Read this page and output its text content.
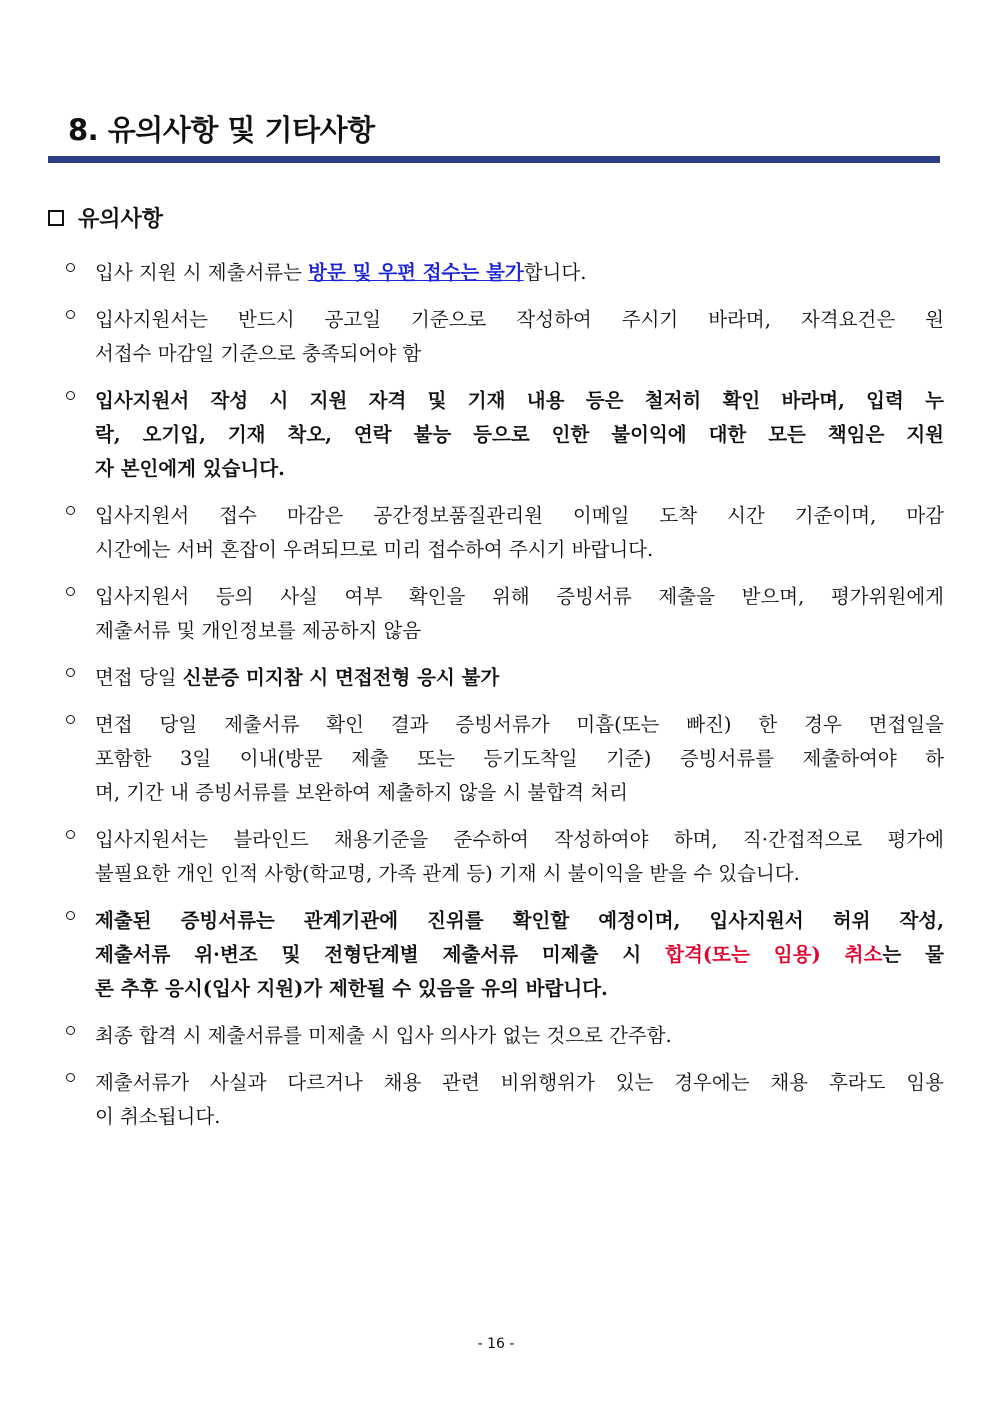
8. 유의사항 및 기타사항
유의사항
입사 지원 시 제출서류는 방문 및 우편 접수는 불가합니다.
입사지원서는 반드시 공고일 기준으로 작성하여 주시기 바라며, 자격요건은 원
서접수 마감일 기준으로 충족되어야 함
입사지원서 작성 시 지원 자격 및 기재 내용 등은 철저히 확인 바라며, 입력 누
락, 오기입, 기재 착오, 연락 불능 등으로 인한 불이익에 대한 모든 책임은 지원
자 본인에게 있습니다.
입사지원서 접수 마감은 공간정보품질관리원 이메일 도착 시간 기준이며, 마감
시간에는 서버 혼잡이 우려되므로 미리 접수하여 주시기 바랍니다.
입사지원서 등의 사실 여부 확인을 위해 증빙서류 제출을 받으며, 평가위원에게
제출서류 및 개인정보를 제공하지 않음
면접 당일 신분증 미지참 시 면접전형 응시 불가
면접 당일 제출서류 확인 결과 증빙서류가 미흡(또는 빠진) 한 경우 면접일을
포함한 3일 이내(방문 제출 또는 등기도착일 기준) 증빙서류를 제출하여야 하
며, 기간 내 증빙서류를 보완하여 제출하지 않을 시 불합격 처리
입사지원서는 블라인드 채용기준을 준수하여 작성하여야 하며, 직·간접적으로 평가에
불필요한 개인 인적 사항(학교명, 가족 관계 등) 기재 시 불이익을 받을 수 있습니다.
제출된 증빙서류는 관계기관에 진위를 확인할 예정이며, 입사지원서 허위 작성,
제출서류 위·변조 및 전형단계별 제출서류 미제출 시 합격(또는 임용) 취소는 물
론 추후 응시(입사 지원)가 제한될 수 있음을 유의 바랍니다.
최종 합격 시 제출서류를 미제출 시 입사 의사가 없는 것으로 간주함.
제출서류가 사실과 다르거나 채용 관련 비위행위가 있는 경우에는 채용 후라도 임용
이 취소됩니다.
- 16 -
